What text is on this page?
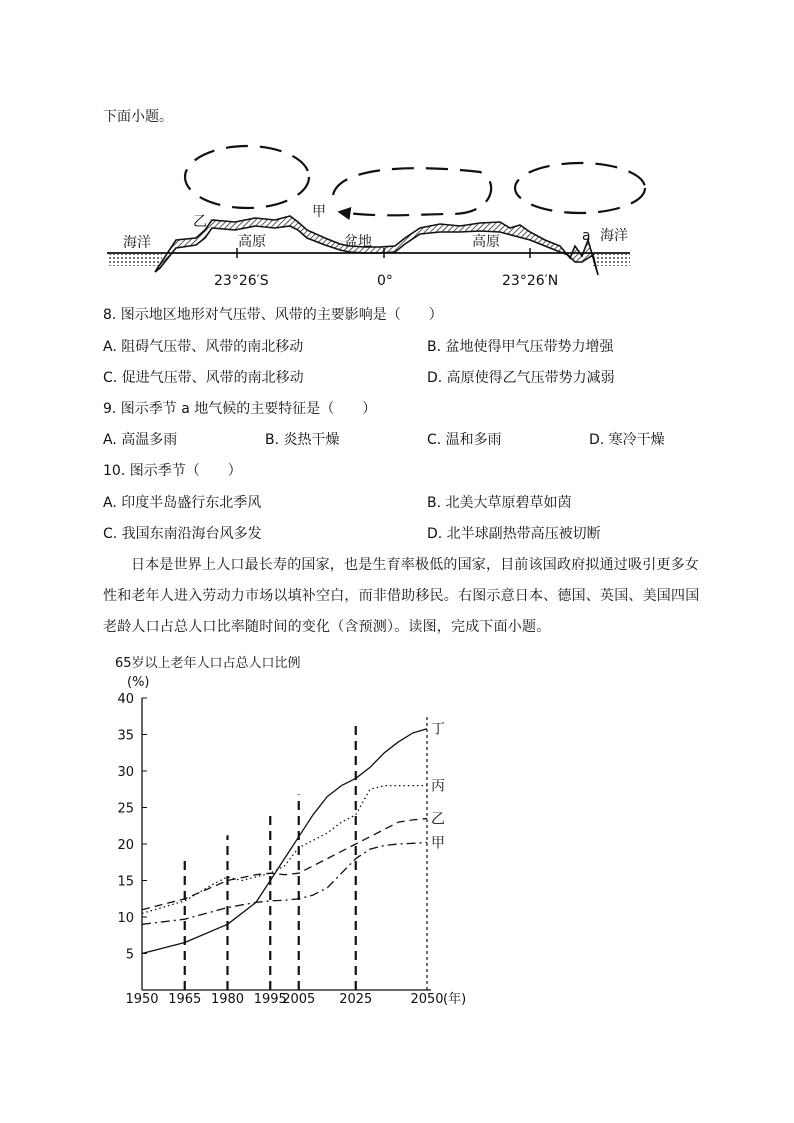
下面小题。
海洋
乙
高原
甲
盆地	高原	a 海洋
23°26′S	0°	23°26′N
8. 图示地区地形对气压带、风带的主要影响是（　　）
A. 阻碍气压带、风带的南北移动	B. 盆地使得甲气压带势力增强
C. 促进气压带、风带的南北移动	D. 高原使得乙气压带势力减弱
9. 图示季节 a 地气候的主要特征是（　　）
A. 高温多雨	B. 炎热干燥	C. 温和多雨	D. 寒冷干燥
10. 图示季节（　　）
A. 印度半岛盛行东北季风	B. 北美大草原碧草如茵
C. 我国东南沿海台风多发	D. 北半球副热带高压被切断
日本是世界上人口最长寿的国家，也是生育率极低的国家，目前该国政府拟通过吸引更多女性和老年人进入劳动力市场以填补空白，而非借助移民。右图示意日本、德国、英国、美国四国老龄人口占总人口比率随时间的变化（含预测）。读图，完成下面小题。
65岁以上老年人口占总人口比例
(%)
(年)
5
10
15
20
25
30
35
40
1950 1965 1980 1995
2005 2025	2050
丁
丙
乙
甲
